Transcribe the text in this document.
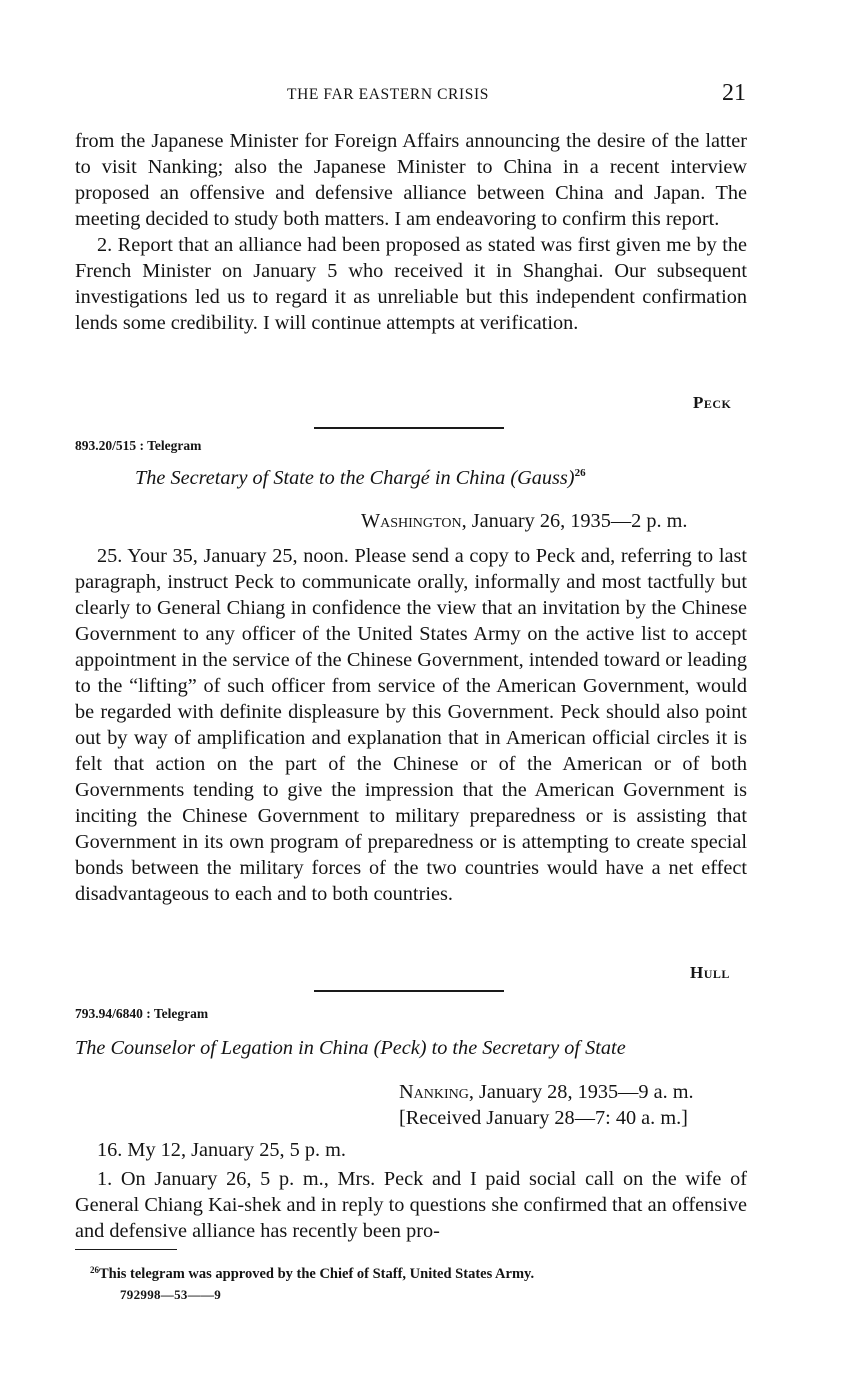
THE FAR EASTERN CRISIS	21

from the Japanese Minister for Foreign Affairs announcing the desire of the latter to visit Nanking; also the Japanese Minister to China in a recent interview proposed an offensive and defensive alliance between China and Japan. The meeting decided to study both matters. I am endeavoring to confirm this report.

2. Report that an alliance had been proposed as stated was first given me by the French Minister on January 5 who received it in Shanghai. Our subsequent investigations led us to regard it as unreliable but this independent confirmation lends some credibility. I will continue attempts at verification.

Peck
893.20/515 : Telegram
The Secretary of State to the Chargé in China (Gauss)$^{26}$
Washington, January 26, 1935—2 p. m.

25. Your 35, January 25, noon. Please send a copy to Peck and, referring to last paragraph, instruct Peck to communicate orally, informally and most tactfully but clearly to General Chiang in confidence the view that an invitation by the Chinese Government to any officer of the United States Army on the active list to accept appointment in the service of the Chinese Government, intended toward or leading to the “lifting” of such officer from service of the American Government, would be regarded with definite displeasure by this Government. Peck should also point out by way of amplification and explanation that in American official circles it is felt that action on the part of the Chinese or of the American or of both Governments tending to give the impression that the American Government is inciting the Chinese Government to military preparedness or is assisting that Government in its own program of preparedness or is attempting to create special bonds between the military forces of the two countries would have a net effect disadvantageous to each and to both countries.

Hull
793.94/6840 : Telegram
The Counselor of Legation in China (Peck) to the Secretary of State
Nanking, January 28, 1935—9 a. m.
[Received January 28—7: 40 a. m.]
16. My 12, January 25, 5 p. m.

1. On January 26, 5 p. m., Mrs. Peck and I paid social call on the wife of General Chiang Kai-shek and in reply to questions she confirmed that an offensive and defensive alliance has recently been pro-

$^{26}$This telegram was approved by the Chief of Staff, United States Army.
792998—53——9
